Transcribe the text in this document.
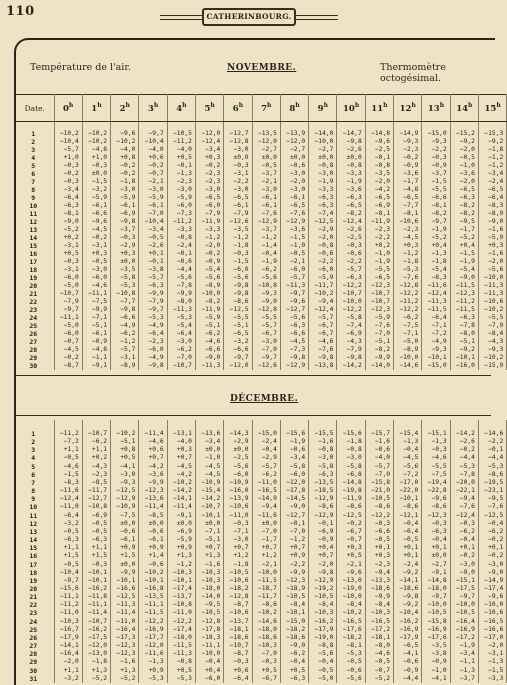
110	CATHERINBOURG.
Température de l'air.	Thermomètre octogésimal.
NOVEMBRE.
DÉCEMBRE.
Date.	0$^h$	1$^h$	2$^h$	3$^h$	4$^h$	5$^h$	6$^h$	7$^h$	8$^h$	9$^h$	10$^h$	11$^h$	12$^h$	13$^h$	14$^h$	15$^h$

1	−10,2	−10,2	−9,6	−9,7	−10,5	−12,0	−12,7	−13,5	−13,9	−14,0	−14,7	−14,8	−14,9	−15,0	−15,2	−15,3
2	−10,4	−10,2	−10,2	−10,4	−11,2	−12,4	−12,8	−12,0	−12,0	−10,0	−9,8	−9,6	−9,3	−9,3	−9,2	−9,2
3	−5,7	−4,8	−4,0	−4,0	−4,0	−3,4	−3,0	−2,7	−2,7	−2,7	−2,6	−2,5	−2,3	−2,2	−2,0	−1,8
4	+1,0	+1,0	+0,8	+0,6	+0,5	+0,3	±0,0	±0,0	±0,0	±0,0	±0,0	−0,1	−0,2	−0,3	−0,5	−1,2
5	−0,3	−0,3	−0,2	−0,2	−0,1	−0,2	−0,3	−0,5	−0,6	−0,8	−0,8	−0,8	−0,9	−0,9	−1,0	−1,2
6	−0,2	±0,0	−0,2	−0,7	−1,3	−2,3	−3,1	−3,7	−3,0	−3,0	−3,3	−3,5	−3,6	−3,7	−3,6	−3,4
7	−0,3	−1,5	−1,8	−2,1	−2,3	−2,3	−2,2	−2,1	−2,0	−1,9	−1,9	−2,0	−1,7	−1,5	−2,0	−2,4
8	−3,4	−3,2	−3,0	−3,0	−3,0	−3,0	−3,0	−3,0	−3,0	−3,3	−3,6	−4,2	−4,8	−5,5	−6,5	−6,5
9	−6,4	−5,9	−5,9	−5,9	−5,9	−6,5	−6,5	−6,1	−6,1	−6,3	−6,3	−6,5	−6,5	−6,6	−6,3	−6,4
10	−6,3	−6,1	−6,1	−6,1	−6,0	−6,0	−6,1	−6,1	−6,5	−6,3	−6,5	−6,9	−7,7	−8,1	−8,2	−8,3
11	−8,1	−6,6	−6,9	−7,0	−7,3	−7,9	−7,9	−7,6	−7,6	−7,4	−8,2	−8,1	−8,1	−8,2	−8,2	−8,9
12	−9,0	−9,6	−9,8	−10,4	−11,2	−11,9	−12,6	−12,9	−12,9	−12,5	−12,4	−11,9	−10,6	−9,7	−9,5	−9,0
13	−5,2	−4,5	−3,7	−3,4	−3,3	−3,3	−3,5	−3,7	−3,6	−2,9	−2,6	−2,3	−2,3	−1,9	−1,7	−1,6
14	+0,2	−0,2	−0,3	−0,5	−0,8	−1,2	−1,2	−1,2	−1,5	−2,0	−2,5	−2,2	−4,5	−5,2	−5,2	−5,9
15	−3,1	−3,1	−2,9	−2,6	−2,4	−2,0	−1,8	−1,4	−1,0	−0,8	−0,3	+0,2	+0,3	+0,4	+0,4	+0,3
16	+0,5	+0,3	+0,3	+0,1	−0,1	−0,2	−0,3	−0,4	−0,5	−0,6	−0,6	−1,0	−1,2	−1,3	−1,5	−1,6
17	−0,3	−0,5	±0,0	−0,1	−0,6	−0,9	−1,5	−1,9	−2,1	−2,2	−2,2	−1,9	−1,8	−1,8	−1,9	−2,0
18	−3,1	−3,0	−3,5	−3,8	−4,4	−5,4	−6,0	−6,2	−6,0	−6,0	−5,7	−5,5	−5,3	−5,4	−5,4	−5,6
19	−6,0	−6,0	−5,8	−5,7	−5,6	−5,6	−5,6	−5,6	−5,7	−5,9	−6,3	−6,5	−7,6	−8,3	−9,0	−10,0
20	−5,0	−4,6	−5,3	−6,3	−7,8	−8,9	−9,8	−10,8	−11,3	−11,7	−12,2	−12,3	−12,8	−11,6	−11,5	−11,3
21	−10,7	−11,1	−10,8	−9,9	−9,9	−10,0	−9,8	−9,3	−9,7	−10,2	−10,7	−10,7	−12,2	−12,4	−12,3	−11,3
22	−7,9	−7,5	−7,7	−7,9	−8,0	−8,2	−8,6	−9,0	−9,6	−9,4	−10,0	−10,7	−11,2	−11,3	−11,2	−10,6
23	−9,7	−9,9	−9,8	−9,7	−11,3	−11,9	−12,5	−12,8	−12,7	−12,4	−12,2	−12,3	−12,2	−11,5	−11,5	−10,2
24	−11,1	−7,1	−6,6	−5,3	−5,3	−5,9	−5,5	−5,5	−5,6	−5,7	−5,8	−5,9	−6,2	−6,4	−6,3	−5,5
25	−5,0	−5,1	−4,9	−4,9	−5,4	−5,1	−5,1	−5,7	−6,3	−6,7	−7,4	−7,6	−7,5	−7,1	−7,8	−7,9
26	−6,0	−6,1	−6,2	−6,4	−6,4	−6,2	−6,5	−6,7	−6,6	−6,7	−6,9	−7,0	−7,1	−7,2	−8,0	−8,4
27	−0,7	−0,9	−1,2	−2,3	−3,0	−4,6	−3,2	−3,0	−4,5	−4,6	−4,3	−5,1	−5,0	−4,9	−5,1	−4,3
28	−4,5	−4,8	−5,7	−6,0	−6,2	−6,6	−6,6	−7,0	−7,3	−7,6	−7,9	−8,2	−8,9	−9,3	−9,2	−9,3
29	−0,2	−1,1	−3,1	−4,9	−7,0	−9,0	−9,7	−9,7	−9,8	−9,8	−9,8	−9,9	−10,0	−10,1	−10,1	−10,2
30	−8,7	−9,1	−8,9	−9,8	−10,7	−11,3	−12,0	−12,6	−12,9	−13,8	−14,2	−14,0	−14,6	−15,0	−16,0	−15,9

1	−11,2	−10,7	−10,2	−11,4	−13,1	−13,6	−14,3	−15,0	−15,6	−15,5	−15,6	−15,7	−15,4	−15,1	−14,2	−14,6
2	−7,2	−6,2	−5,1	−4,6	−4,0	−3,4	−2,9	−2,4	−1,9	−1,6	−1,8	−1,6	−1,3	−1,3	−2,6	−2,2
3	+1,1	+1,1	+0,8	+0,6	+0,3	±0,0	±0,0	−0,4	−0,6	−0,8	−0,8	−0,6	−0,4	−0,3	−0,2	−0,1
4	−0,5	+0,2	+0,5	+0,7	+0,7	−1,0	−2,5	−2,9	−3,4	−3,0	−3,0	−4,0	−4,5	−4,6	−4,4	−4,4
5	−4,6	−4,3	−4,1	−4,2	−4,5	−4,5	−5,6	−5,7	−5,8	−5,8	−5,8	−5,7	−5,6	−5,5	−5,3	−5,3
6	−1,5	−2,3	−3,0	−3,6	−4,2	−4,5	−6,0	−6,2	−6,0	−6,3	−6,8	−7,0	−7,2	−7,5	−7,8	−8,6
7	−8,3	−8,5	−9,3	−9,9	−10,2	−10,9	−10,9	−11,0	−12,0	−13,5	−14,8	−15,8	−17,0	−19,4	−20,0	−19,5
8	−11,6	−11,7	−12,5	−12,3	−14,2	−15,4	−16,0	−16,5	−17,8	−18,5	−19,8	−21,0	−22,0	−22,8	−22,1	−23,1
9	−12,4	−12,7	−12,9	−13,6	−14,1	−14,2	−13,9	−14,9	−14,5	−12,9	−11,9	−10,5	−10,1	−9,6	−9,4	−9,5
10	−11,0	−10,8	−10,9	−11,4	−11,4	−10,7	−10,6	−9,4	−9,0	−8,6	−8,6	−8,6	−8,6	−8,6	−7,6	−7,6
11	−6,4	−6,9	−7,5	−8,5	−9,1	−10,1	−11,0	−11,6	−12,7	−12,9	−12,5	−12,2	−12,1	−12,3	−12,4	−12,5
12	−3,2	−0,5	±0,0	±0,0	±0,0	±0,0	−0,3	±0,0	−0,1	−0,1	−0,2	−0,3	−0,4	−0,3	−0,3	−0,4
13	−0,5	−0,5	−0,6	−0,6	−6,9	−7,1	−7,1	−7,0	−7,0	−6,9	−6,7	−6,6	−6,4	−6,3	−6,2	−6,2
14	−6,3	−6,3	−6,1	−6,1	−5,9	−5,1	−3,0	−1,7	−1,2	−0,9	−0,7	−0,5	−0,5	−0,4	−0,4	−0,2
15	+1,1	+1,1	+0,9	+0,9	+0,9	+0,7	+0,7	+0,7	+0,7	+0,4	+0,3	+0,1	+0,1	+0,1	+0,1	+0,1
16	+1,5	+1,5	+1,5	+1,4	+1,3	+1,3	+1,2	+1,2	+0,9	+0,7	+0,5	+0,3	+0,1	±0,0	−0,2	−0,2
17	−0,5	−0,3	±0,0	−0,6	−1,2	−1,6	−1,8	−2,1	−2,2	−2,0	−2,1	−2,3	−2,4	−2,7	−3,0	−3,0
18	−10,4	−10,1	−9,9	−10,2	−10,3	−10,3	−10,5	−10,0	−9,9	−9,8	−9,6	−9,4	−9,2	−9,1	−9,0	−9,0
19	−9,7	−10,1	−10,1	−10,1	−10,1	−10,3	−10,6	−11,5	−12,3	−12,9	−13,0	−13,3	−14,1	−14,8	−15,1	−14,9
20	−15,6	−16,2	−16,6	−16,8	−17,4	−18,0	−18,2	−18,7	−18,9	−19,2	−19,0	−18,6	−18,6	−18,0	−17,5	−17,4
21	−11,1	−11,8	−12,5	−13,5	−13,7	−14,0	−12,8	−11,7	−10,5	−10,5	−10,0	−9,9	−9,8	−9,7	−9,7	−9,6
22	−11,2	−11,1	−11,3	−11,1	−10,8	−9,5	−8,7	−8,6	−8,4	−8,4	−8,4	−8,4	−9,2	−10,0	−10,0	−10,0
23	−11,0	−11,4	−11,4	−11,5	−11,0	−10,5	−10,6	−10,2	−10,1	−10,3	−10,2	−10,3	−10,4	−10,5	−10,5	−10,6
24	−10,3	−10,7	−11,0	−12,2	−12,2	−12,8	−13,7	−14,6	−15,0	−16,2	−16,5	−16,5	−16,2	−15,8	−16,4	−16,5
25	−16,7	−16,2	−16,4	−16,9	−17,4	−17,8	−18,1	−18,0	−18,2	−17,9	−17,6	−17,2	−16,9	−16,9	−16,9	−16,6
26	−17,9	−17,5	−17,3	−17,7	−18,0	−18,3	−18,6	−18,6	−18,6	−19,0	−18,2	−18,1	−17,9	−17,6	−17,2	−17,0
27	−14,1	−12,0	−12,3	−12,0	−11,5	−11,1	−10,7	−10,3	−9,0	−8,8	−8,1	−8,0	−6,5	−3,5	−1,9	−2,0
28	−16,4	−13,0	−12,3	−11,6	−11,3	−10,0	−8,7	−7,0	−6,2	−5,6	−5,3	−4,6	−4,1	−3,8	−3,4	−3,1
29	−2,0	−1,8	−1,6	−1,3	−0,8	−0,4	−0,3	−0,3	−0,4	−0,4	−0,5	−0,5	−0,6	−0,9	−1,1	−1,3
30	+1,1	+1,3	+1,3	+0,9	+0,5	+0,4	+0,6	+0,5	+0,5	−0,5	−0,6	−0,7	−0,9	−1,0	−1,3	−1,5
31	−3,2	−5,2	−5,2	−5,3	−5,3	−6,0	−6,4	−6,7	−6,3	−5,0	−5,6	−5,2	−4,4	−4,1	−3,7	−3,3
